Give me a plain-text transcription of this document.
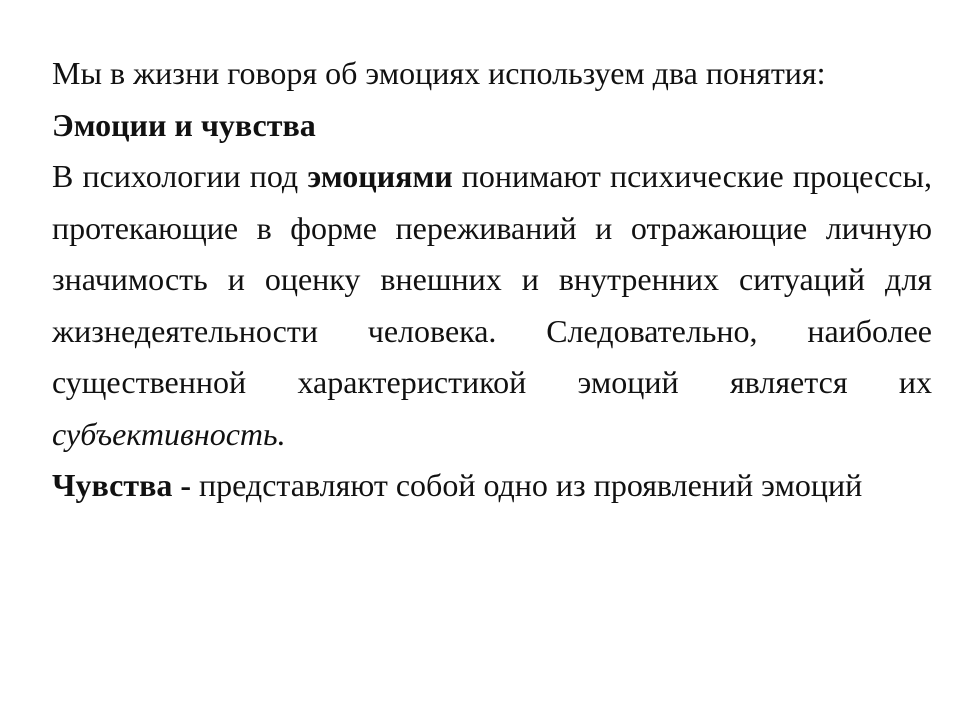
Мы в жизни говоря об эмоциях используем два понятия:

Эмоции и чувства

В психологии под эмоциями понимают психические процессы, протекающие в форме переживаний и отражающие личную значимость и оценку внешних и внутренних ситуаций для жизнедеятельности человека. Следовательно, наиболее существенной характеристикой эмоций является их субъективность.

Чувства - представляют собой одно из проявлений эмоций
